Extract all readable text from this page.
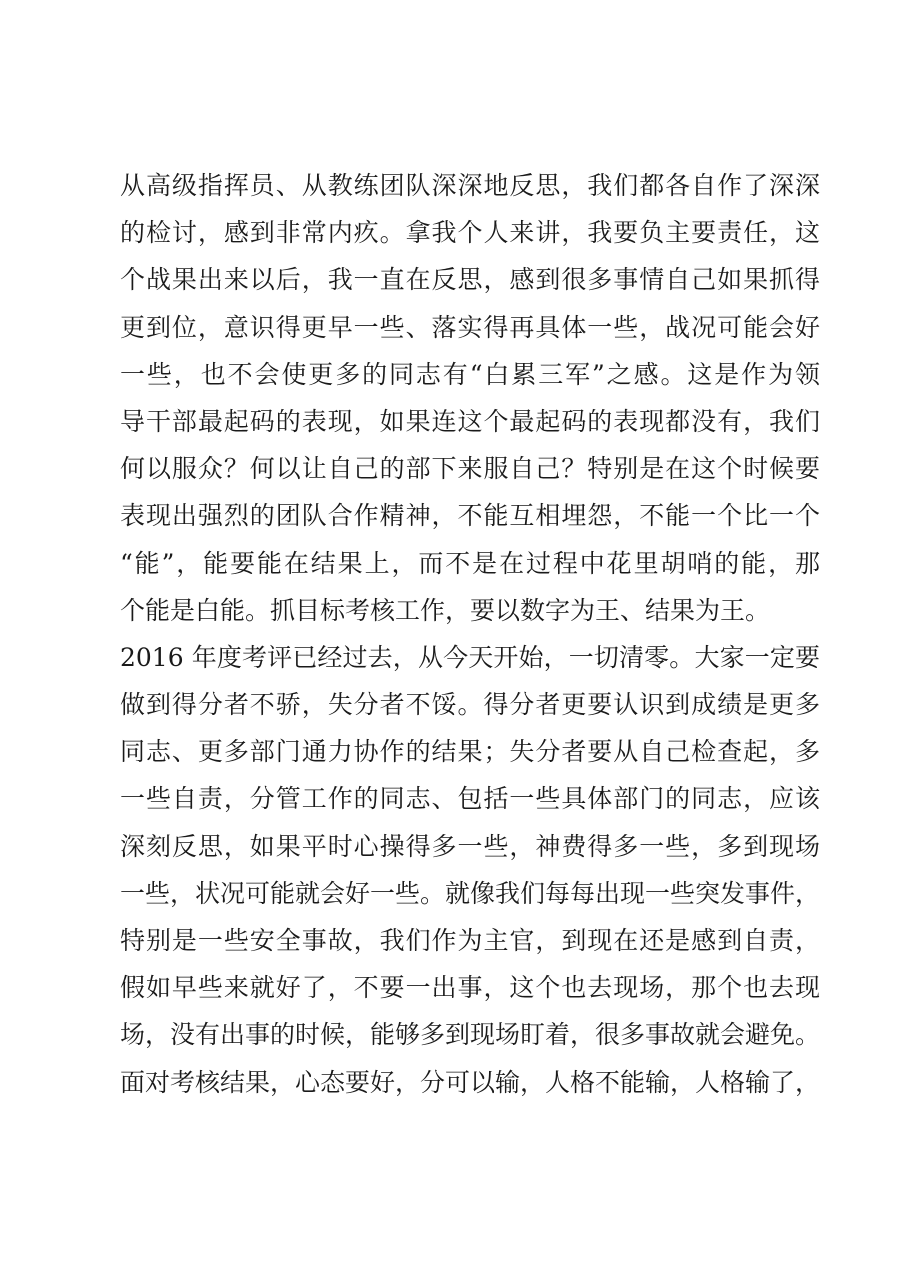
从高级指挥员、从教练团队深深地反思，我们都各自作了深深
的检讨，感到非常内疚。拿我个人来讲，我要负主要责任，这
个战果出来以后，我一直在反思，感到很多事情自己如果抓得
更到位，意识得更早一些、落实得再具体一些，战况可能会好
一些，也不会使更多的同志有“白累三军”之感。这是作为领
导干部最起码的表现，如果连这个最起码的表现都没有，我们
何以服众？何以让自己的部下来服自己？特别是在这个时候要
表现出强烈的团队合作精神，不能互相埋怨，不能一个比一个
“能”，能要能在结果上，而不是在过程中花里胡哨的能，那
个能是白能。抓目标考核工作，要以数字为王、结果为王。
2016 年度考评已经过去，从今天开始，一切清零。大家一定要
做到得分者不骄，失分者不馁。得分者更要认识到成绩是更多
同志、更多部门通力协作的结果；失分者要从自己检查起，多
一些自责，分管工作的同志、包括一些具体部门的同志，应该
深刻反思，如果平时心操得多一些，神费得多一些，多到现场
一些，状况可能就会好一些。就像我们每每出现一些突发事件，
特别是一些安全事故，我们作为主官，到现在还是感到自责，
假如早些来就好了，不要一出事，这个也去现场，那个也去现
场，没有出事的时候，能够多到现场盯着，很多事故就会避免。
面对考核结果，心态要好，分可以输，人格不能输，人格输了，
